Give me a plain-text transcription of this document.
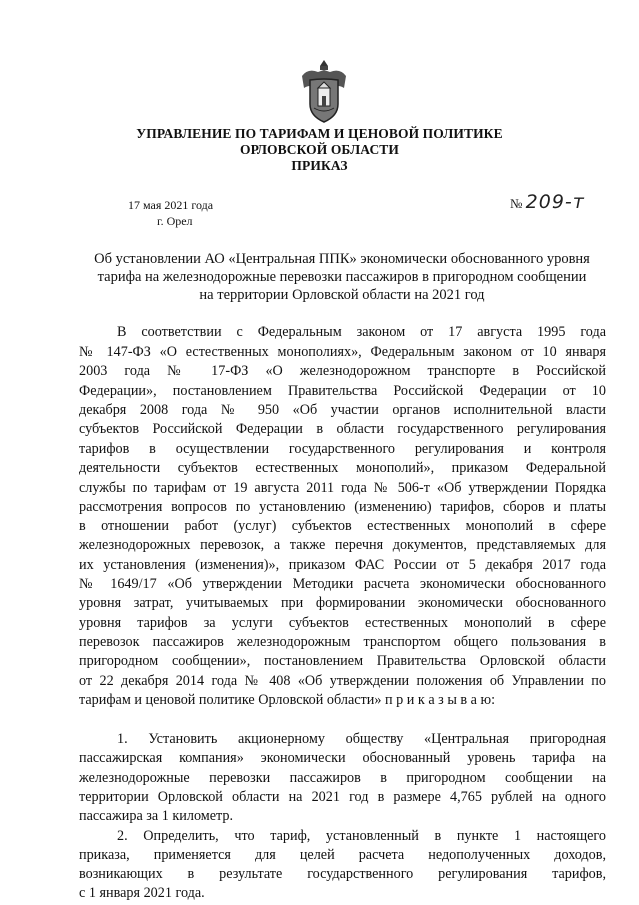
УПРАВЛЕНИЕ ПО ТАРИФАМ И ЦЕНОВОЙ ПОЛИТИКЕ
ОРЛОВСКОЙ ОБЛАСТИ
ПРИКАЗ
17 мая 2021 года
г. Орел
№ 209-т
Об установлении АО «Центральная ППК» экономически обоснованного уровня
тарифа на железнодорожные перевозки пассажиров в пригородном сообщении
на территории Орловской области на 2021 год
В соответствии с Федеральным законом от 17 августа 1995 года
№ 147-ФЗ «О естественных монополиях», Федеральным законом от 10 января
2003 года № 17-ФЗ «О железнодорожном транспорте в Российской
Федерации», постановлением Правительства Российской Федерации от 10
декабря 2008 года № 950 «Об участии органов исполнительной власти
субъектов Российской Федерации в области государственного регулирования
тарифов в осуществлении государственного регулирования и контроля
деятельности субъектов естественных монополий», приказом Федеральной
службы по тарифам от 19 августа 2011 года № 506-т «Об утверждении Порядка
рассмотрения вопросов по установлению (изменению) тарифов, сборов и платы
в отношении работ (услуг) субъектов естественных монополий в сфере
железнодорожных перевозок, а также перечня документов, представляемых для
их установления (изменения)», приказом ФАС России от 5 декабря 2017 года
№ 1649/17 «Об утверждении Методики расчета экономически обоснованного
уровня затрат, учитываемых при формировании экономически обоснованного
уровня тарифов за услуги субъектов естественных монополий в сфере
перевозок пассажиров железнодорожным транспортом общего пользования в
пригородном сообщении», постановлением Правительства Орловской области
от 22 декабря 2014 года № 408 «Об утверждении положения об Управлении по
тарифам и ценовой политике Орловской области» п р и к а з ы в а ю:
1. Установить акционерному обществу «Центральная пригородная
пассажирская компания» экономически обоснованный уровень тарифа на
железнодорожные перевозки пассажиров в пригородном сообщении на
территории Орловской области на 2021 год в размере 4,765 рублей на одного
пассажира за 1 километр.
2. Определить, что тариф, установленный в пункте 1 настоящего
приказа, применяется для целей расчета недополученных доходов,
возникающих в результате государственного регулирования тарифов,
с 1 января 2021 года.
